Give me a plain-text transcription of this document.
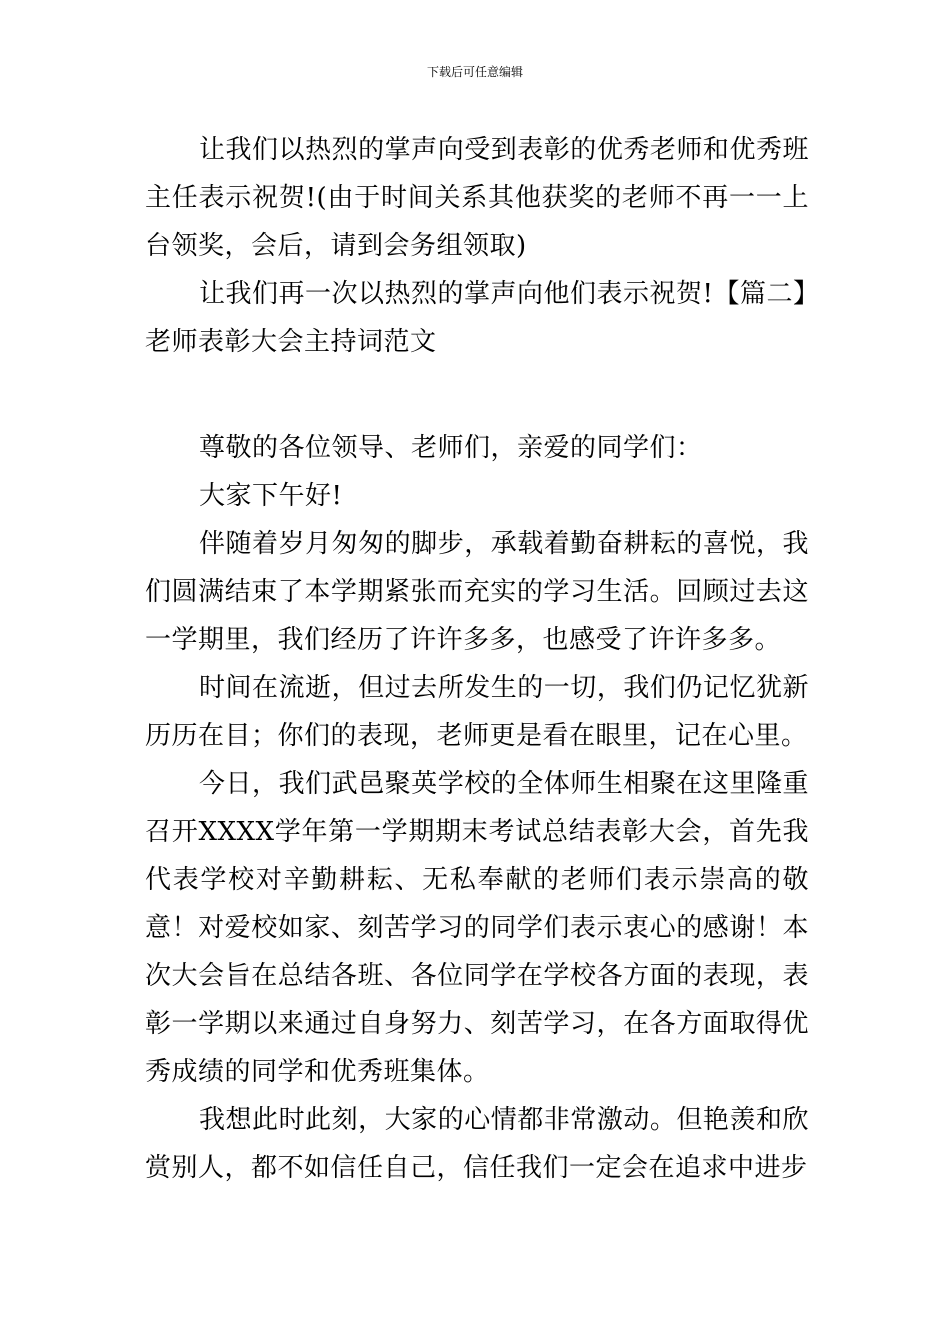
下载后可任意编辑

让我们以热烈的掌声向受到表彰的优秀老师和优秀班主任表示祝贺!(由于时间关系其他获奖的老师不再一一上台领奖，会后，请到会务组领取)

让我们再一次以热烈的掌声向他们表示祝贺!【篇二】

老师表彰大会主持词范文

尊敬的各位领导、老师们，亲爱的同学们：

大家下午好!

伴随着岁月匆匆的脚步，承载着勤奋耕耘的喜悦，我们圆满结束了本学期紧张而充实的学习生活。回顾过去这一学期里，我们经历了许许多多，也感受了许许多多。

时间在流逝，但过去所发生的一切，我们仍记忆犹新历历在目；你们的表现，老师更是看在眼里，记在心里。

今日，我们武邑聚英学校的全体师生相聚在这里隆重召开XXXX学年第一学期期末考试总结表彰大会，首先我代表学校对辛勤耕耘、无私奉献的老师们表示崇高的敬意！对爱校如家、刻苦学习的同学们表示衷心的感谢！本次大会旨在总结各班、各位同学在学校各方面的表现，表彰一学期以来通过自身努力、刻苦学习，在各方面取得优秀成绩的同学和优秀班集体。

我想此时此刻，大家的心情都非常激动。但艳羡和欣赏别人，都不如信任自己，信任我们一定会在追求中进步
